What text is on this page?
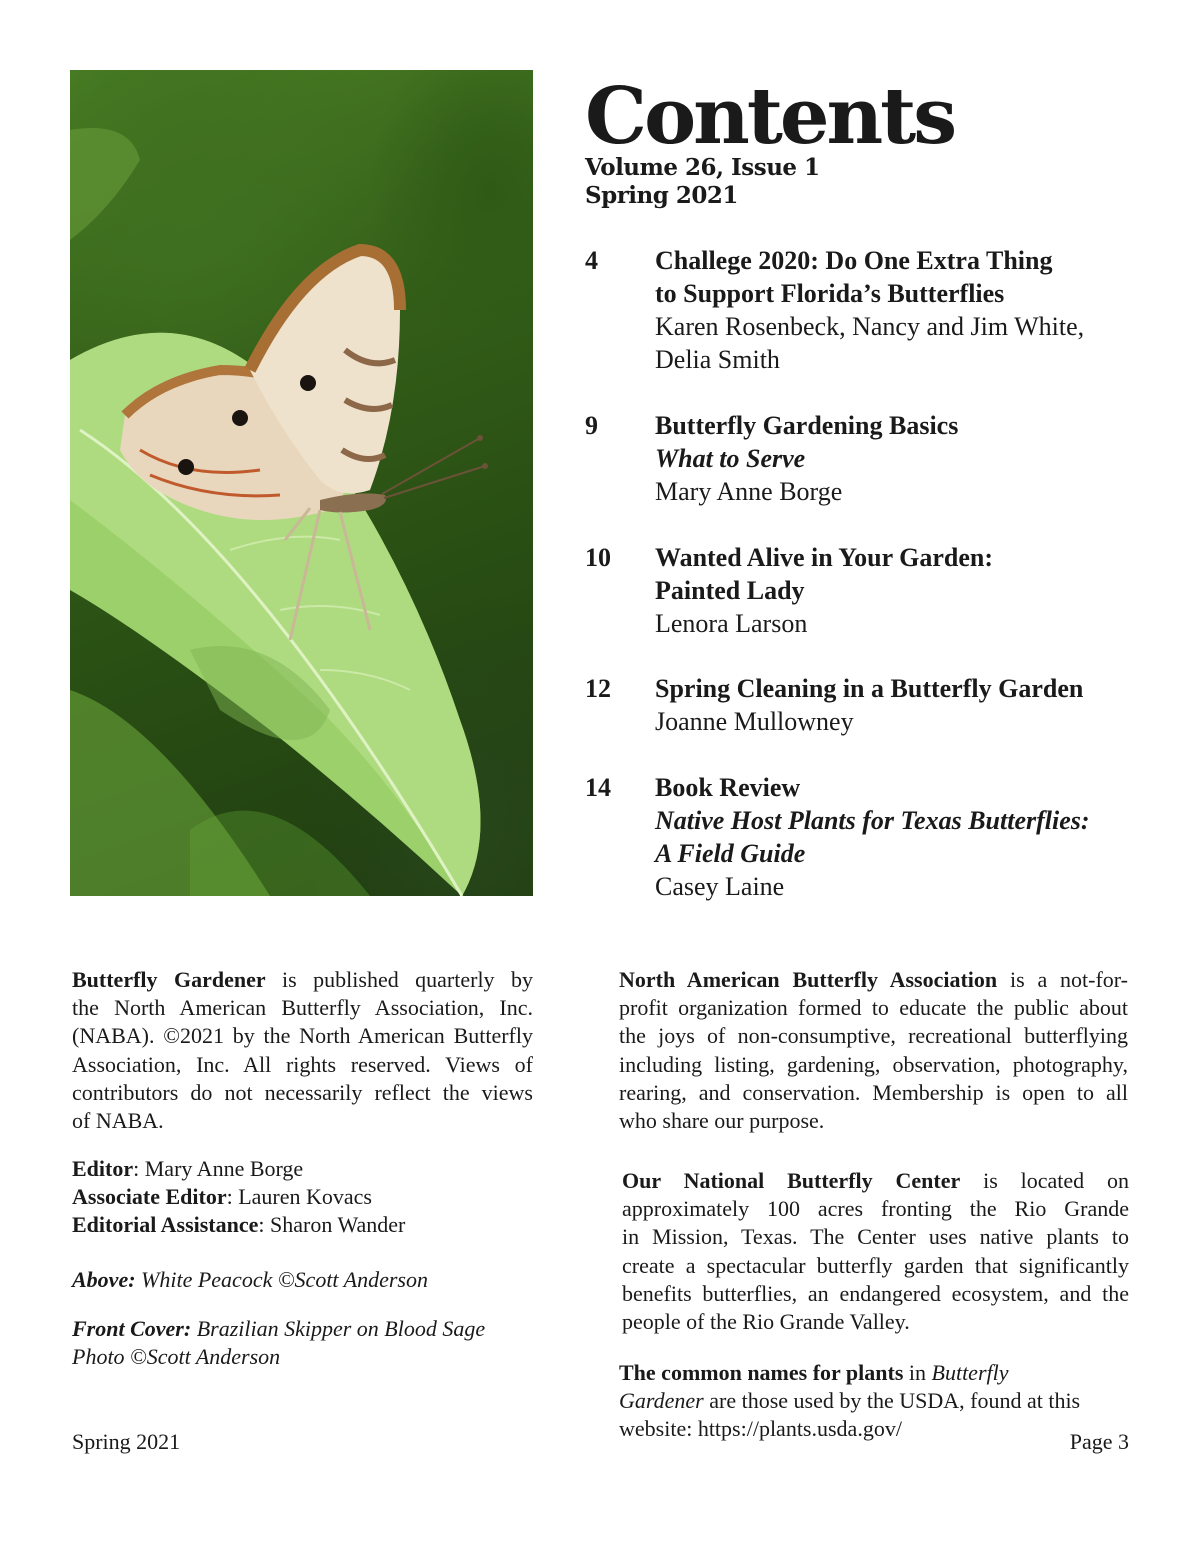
Contents
Volume 26, Issue 1
Spring 2021
4 Challege 2020: Do One Extra Thing
to Support Florida’s Butterflies
Karen Rosenbeck, Nancy and Jim White,
Delia Smith
9 Butterfly Gardening Basics
What to Serve
Mary Anne Borge
10 Wanted Alive in Your Garden:
Painted Lady
Lenora Larson
12 Spring Cleaning in a Butterfly Garden
Joanne Mullowney
14 Book Review
Native Host Plants for Texas Butterflies:
A Field Guide
Casey Laine
Butterfly Gardener is published quarterly by
the North American Butterfly Association, Inc.
(NABA). ©2021 by the North American Butterfly
Association, Inc. All rights reserved. Views of
contributors do not necessarily reflect the views
of NABA.
Editor: Mary Anne Borge
Associate Editor: Lauren Kovacs
Editorial Assistance: Sharon Wander
Above: White Peacock ©Scott Anderson
Front Cover: Brazilian Skipper on Blood Sage
Photo ©Scott Anderson
North American Butterfly Association is a not-for-
profit organization formed to educate the public about
the joys of non-consumptive, recreational butterflying
including listing, gardening, observation, photography,
rearing, and conservation. Membership is open to all
who share our purpose.
Our National Butterfly Center is located on
approximately 100 acres fronting the Rio Grande
in Mission, Texas. The Center uses native plants to
create a spectacular butterfly garden that significantly
benefits butterflies, an endangered ecosystem, and the
people of the Rio Grande Valley.
The common names for plants in Butterfly
Gardener are those used by the USDA, found at this
website: https://plants.usda.gov/
Spring 2021	Page 3
